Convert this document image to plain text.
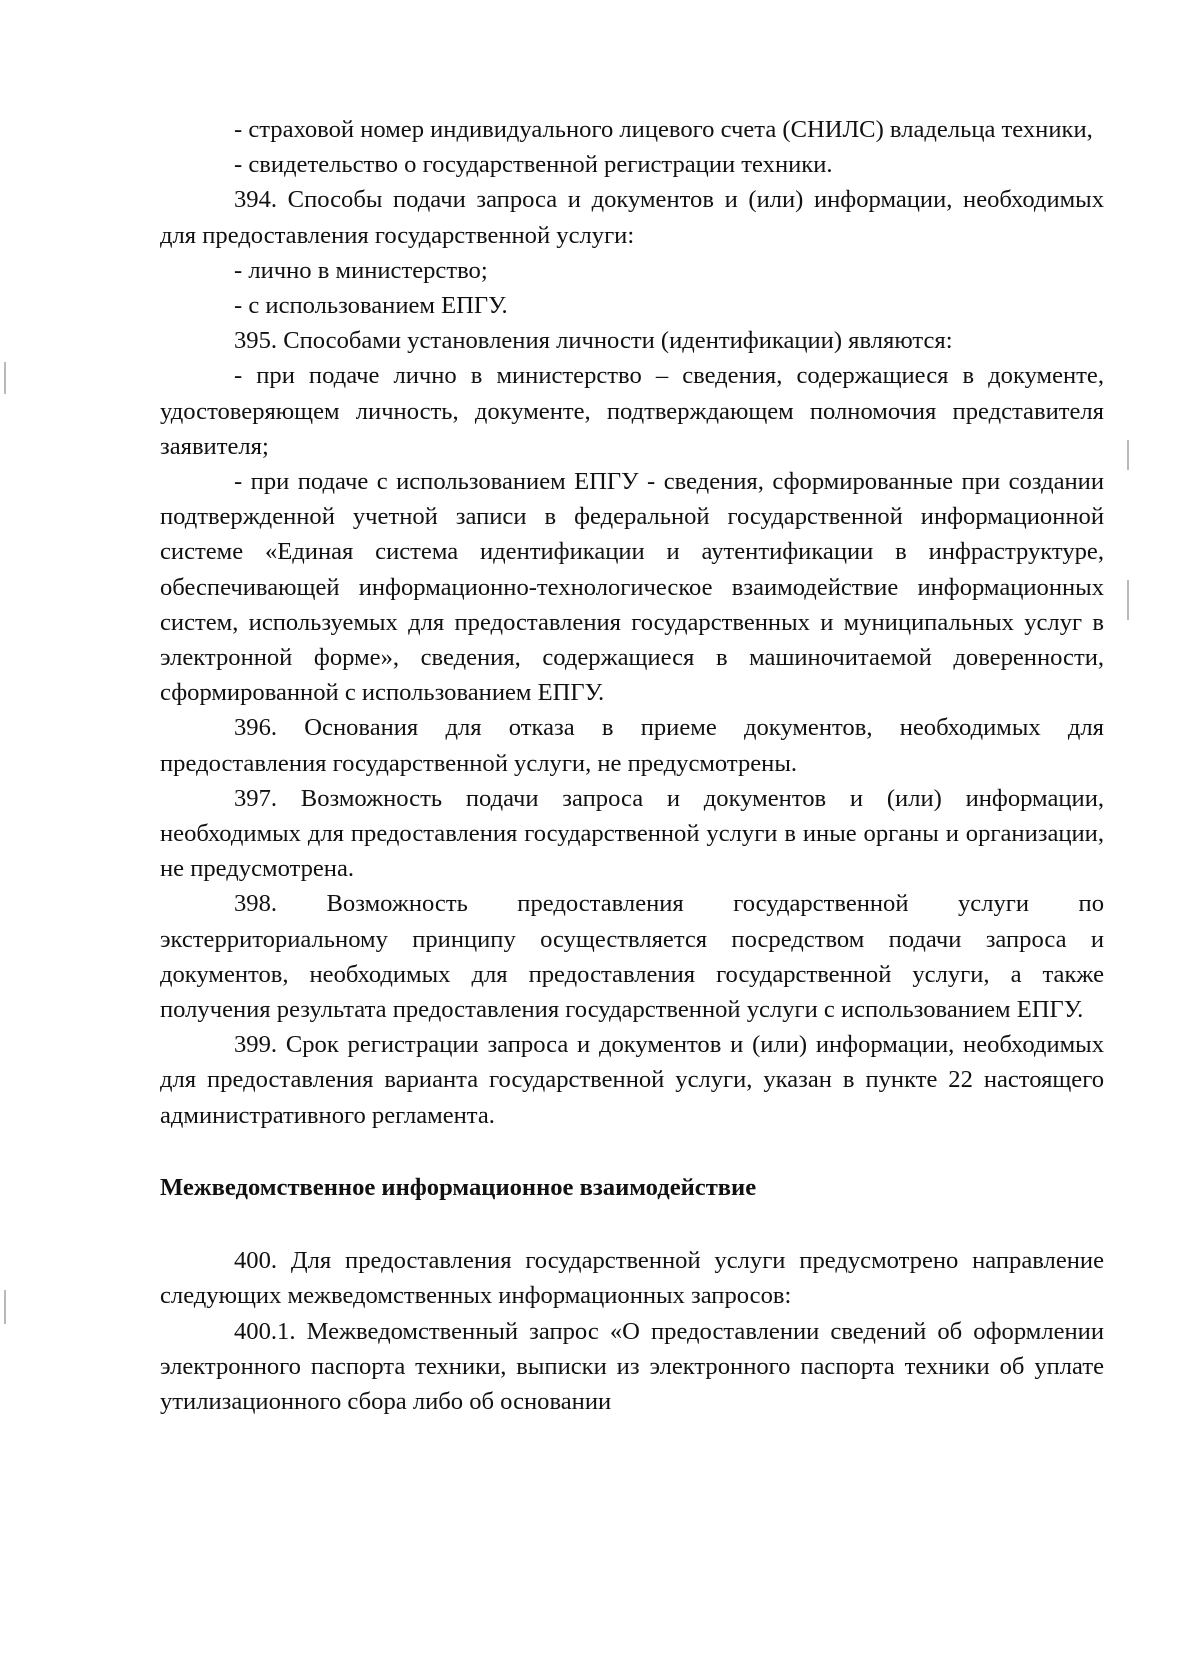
- страховой номер индивидуального лицевого счета (СНИЛС) владельца техники,

- свидетельство о государственной регистрации техники.

394. Способы подачи запроса и документов и (или) информации, необходимых для предоставления государственной услуги:

- лично в министерство;

- с использованием ЕПГУ.

395. Способами установления личности (идентификации) являются:

- при подаче лично в министерство – сведения, содержащиеся в документе, удостоверяющем личность, документе, подтверждающем полномочия представителя заявителя;

- при подаче с использованием ЕПГУ - сведения, сформированные при создании подтвержденной учетной записи в федеральной государственной информационной системе «Единая система идентификации и аутентификации в инфраструктуре, обеспечивающей информационно-технологическое взаимодействие информационных систем, используемых для предоставления государственных и муниципальных услуг в электронной форме», сведения, содержащиеся в машиночитаемой доверенности, сформированной с использованием ЕПГУ.

396. Основания для отказа в приеме документов, необходимых для предоставления государственной услуги, не предусмотрены.

397. Возможность подачи запроса и документов и (или) информации, необходимых для предоставления государственной услуги в иные органы и организации, не предусмотрена.

398. Возможность предоставления государственной услуги по экстерриториальному принципу осуществляется посредством подачи запроса и документов, необходимых для предоставления государственной услуги, а также получения результата предоставления государственной услуги с использованием ЕПГУ.

399. Срок регистрации запроса и документов и (или) информации, необходимых для предоставления варианта государственной услуги, указан в пункте 22 настоящего административного регламента.

Межведомственное информационное взаимодействие

400. Для предоставления государственной услуги предусмотрено направление следующих межведомственных информационных запросов:

400.1. Межведомственный запрос «О предоставлении сведений об оформлении электронного паспорта техники, выписки из электронного паспорта техники об уплате утилизационного сбора либо об основании
